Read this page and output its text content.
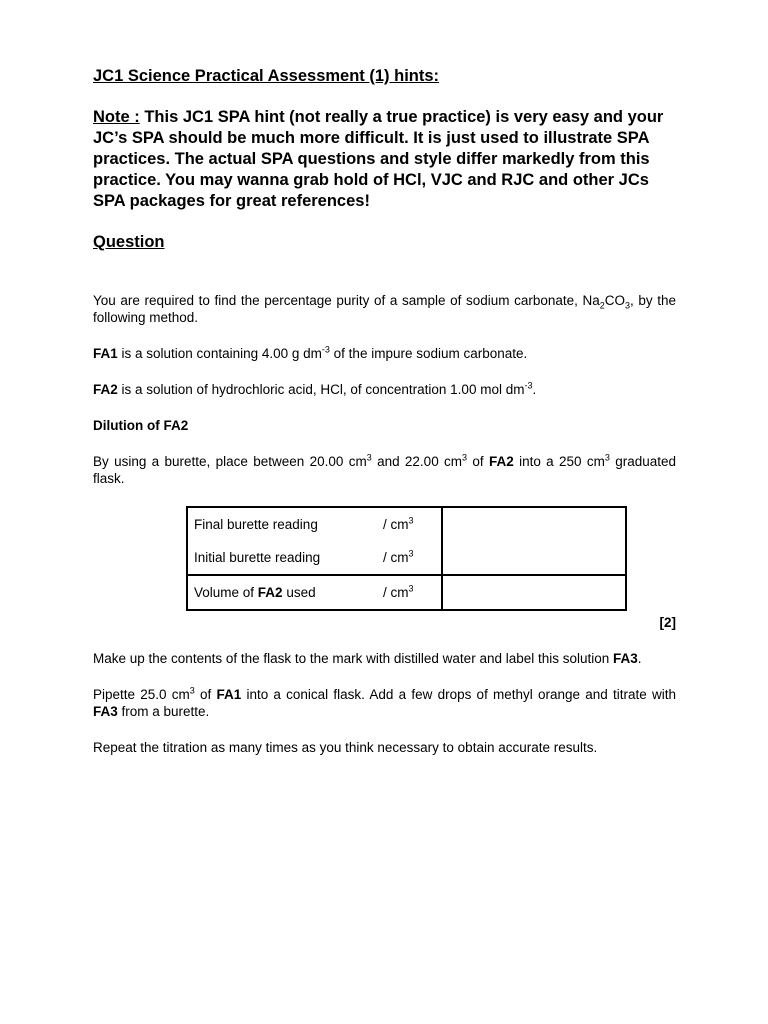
JC1 Science Practical Assessment (1) hints:
Note : This JC1 SPA hint (not really a true practice) is very easy and your JC’s SPA should be much more difficult. It is just used to illustrate SPA practices. The actual SPA questions and style differ markedly from this practice. You may wanna grab hold of HCl, VJC and RJC and other JCs SPA packages for great references!
Question

You are required to find the percentage purity of a sample of sodium carbonate, $Na_2CO_3$, by the following method.

FA1 is a solution containing 4.00 g $dm^{-3}$ of the impure sodium carbonate.

FA2 is a solution of hydrochloric acid, HCl, of concentration 1.00 mol $dm^{-3}$.

Dilution of FA2

By using a burette, place between 20.00 $cm^3$ and 22.00 $cm^3$ of FA2 into a 250 $cm^3$ graduated flask.

Final burette reading	/ $cm^3$	
Initial burette reading	/ $cm^3$	
Volume of FA2 used	/ $cm^3$	
[2]

Make up the contents of the flask to the mark with distilled water and label this solution FA3.

Pipette 25.0 $cm^3$ of FA1 into a conical flask. Add a few drops of methyl orange and titrate with FA3 from a burette.

Repeat the titration as many times as you think necessary to obtain accurate results.
